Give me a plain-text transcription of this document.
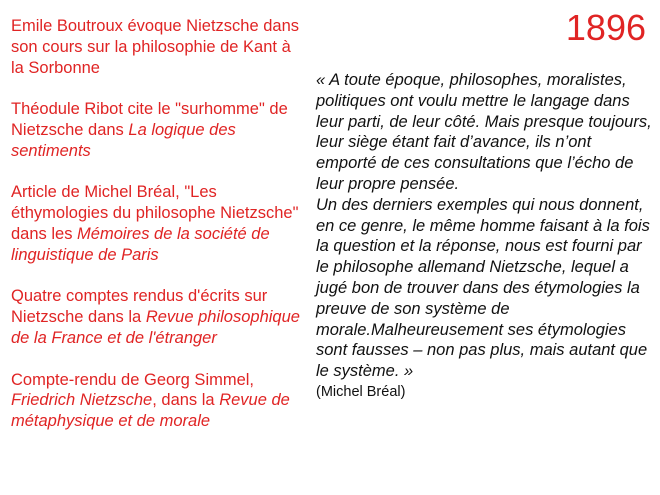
1896

Emile Boutroux évoque Nietzsche dans son cours sur la philosophie de Kant à la Sorbonne

Théodule Ribot cite le "surhomme" de Nietzsche dans La logique des sentiments

Article de Michel Bréal, "Les éthymologies du philosophe Nietzsche" dans les Mémoires de la société de linguistique de Paris

Quatre comptes rendus d'écrits sur Nietzsche dans la Revue philosophique de la France et de l'étranger

Compte-rendu de Georg Simmel, Friedrich Nietzsche, dans la Revue de métaphysique et de morale

« A toute époque, philosophes, moralistes, politiques ont voulu mettre le langage dans leur parti, de leur côté. Mais presque toujours, leur siège étant fait d’avance, ils n’ont emporté de ces consultations que l’écho de leur propre pensée.

Un des derniers exemples qui nous donnent, en ce genre, le même homme faisant à la fois la question et la réponse, nous est fourni par le philosophe allemand Nietzsche, lequel a jugé bon de trouver dans des étymologies la preuve de son système de morale.Malheureusement ses étymologies sont fausses – non pas plus, mais autant que le système. »

(Michel Bréal)
